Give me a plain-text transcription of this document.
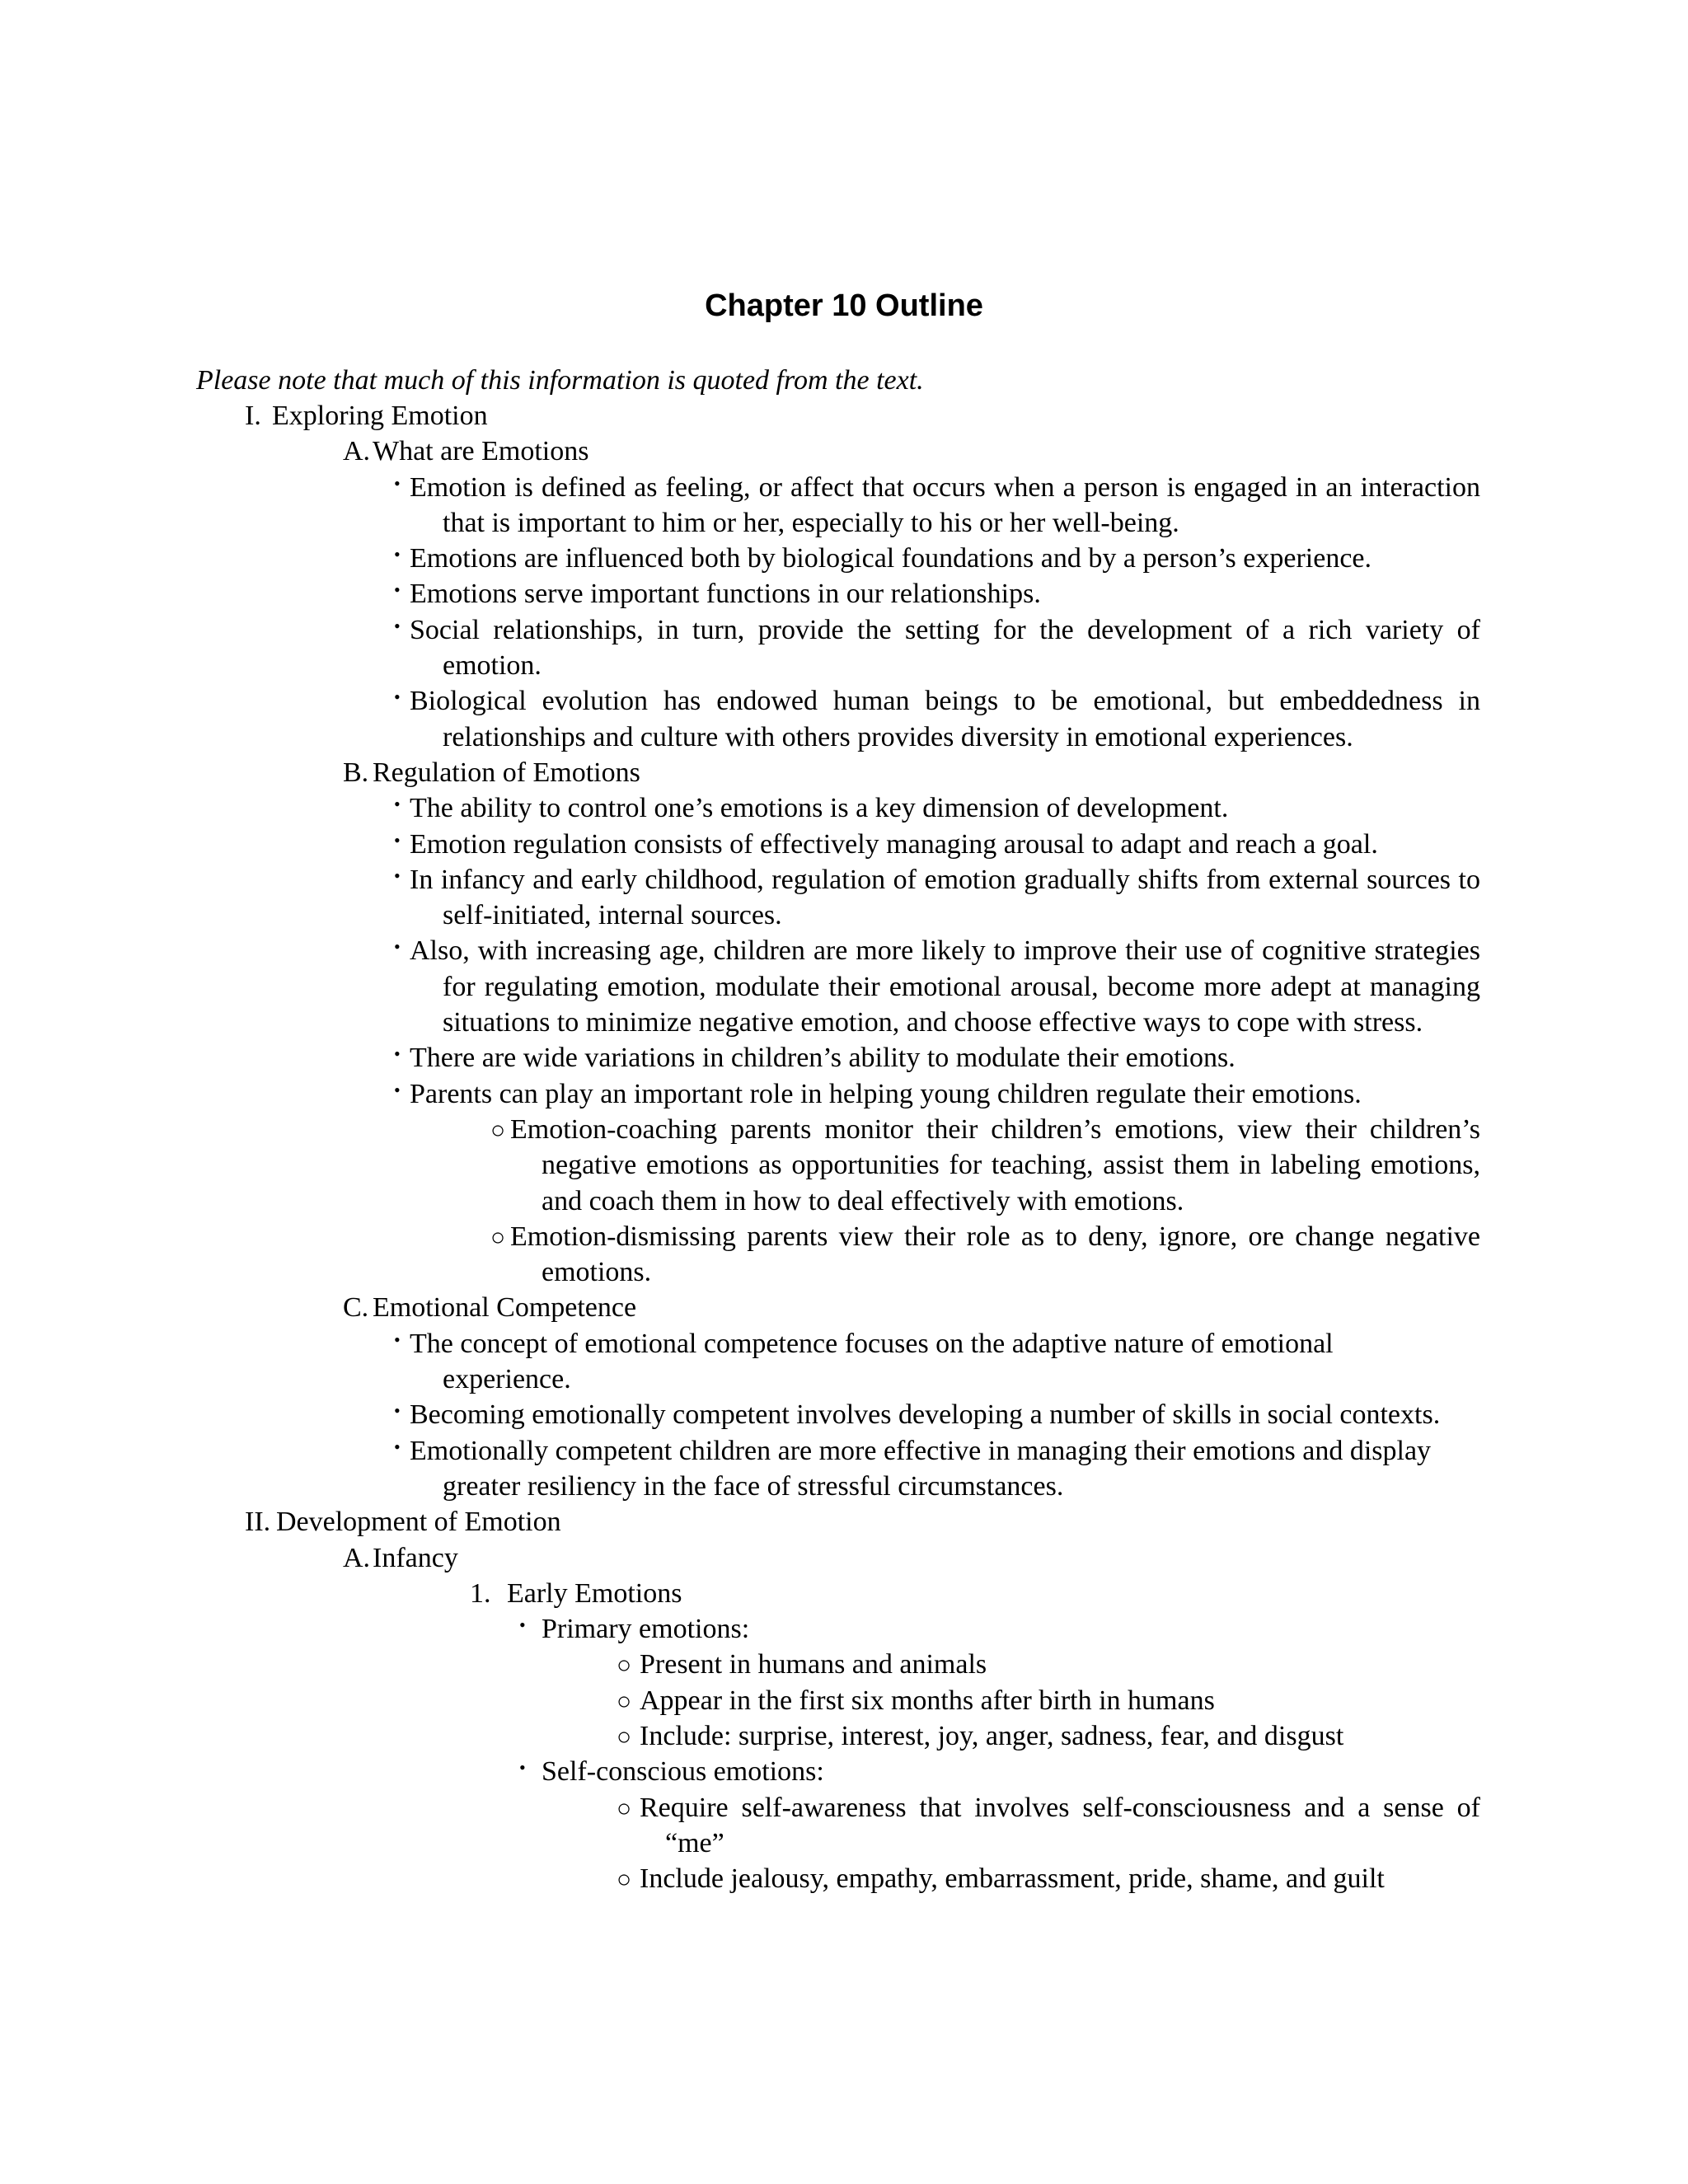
Chapter 10 Outline
Please note that much of this information is quoted from the text.
I. Exploring Emotion
A. What are Emotions
• Emotion is defined as feeling, or affect that occurs when a person is engaged in an interaction that is important to him or her, especially to his or her well-being.
• Emotions are influenced both by biological foundations and by a person’s experience.
• Emotions serve important functions in our relationships.
• Social relationships, in turn, provide the setting for the development of a rich variety of emotion.
• Biological evolution has endowed human beings to be emotional, but embeddedness in relationships and culture with others provides diversity in emotional experiences.
B. Regulation of Emotions
• The ability to control one’s emotions is a key dimension of development.
• Emotion regulation consists of effectively managing arousal to adapt and reach a goal.
• In infancy and early childhood, regulation of emotion gradually shifts from external sources to self-initiated, internal sources.
• Also, with increasing age, children are more likely to improve their use of cognitive strategies for regulating emotion, modulate their emotional arousal, become more adept at managing situations to minimize negative emotion, and choose effective ways to cope with stress.
• There are wide variations in children’s ability to modulate their emotions.
• Parents can play an important role in helping young children regulate their emotions.
○ Emotion-coaching parents monitor their children’s emotions, view their children’s negative emotions as opportunities for teaching, assist them in labeling emotions, and coach them in how to deal effectively with emotions.
○ Emotion-dismissing parents view their role as to deny, ignore, ore change negative emotions.
C. Emotional Competence
• The concept of emotional competence focuses on the adaptive nature of emotional experience.
• Becoming emotionally competent involves developing a number of skills in social contexts.
• Emotionally competent children are more effective in managing their emotions and display greater resiliency in the face of stressful circumstances.
II. Development of Emotion
A. Infancy
1. Early Emotions
• Primary emotions:
○ Present in humans and animals
○ Appear in the first six months after birth in humans
○ Include: surprise, interest, joy, anger, sadness, fear, and disgust
• Self-conscious emotions:
○ Require self-awareness that involves self-consciousness and a sense of “me”
○ Include jealousy, empathy, embarrassment, pride, shame, and guilt
